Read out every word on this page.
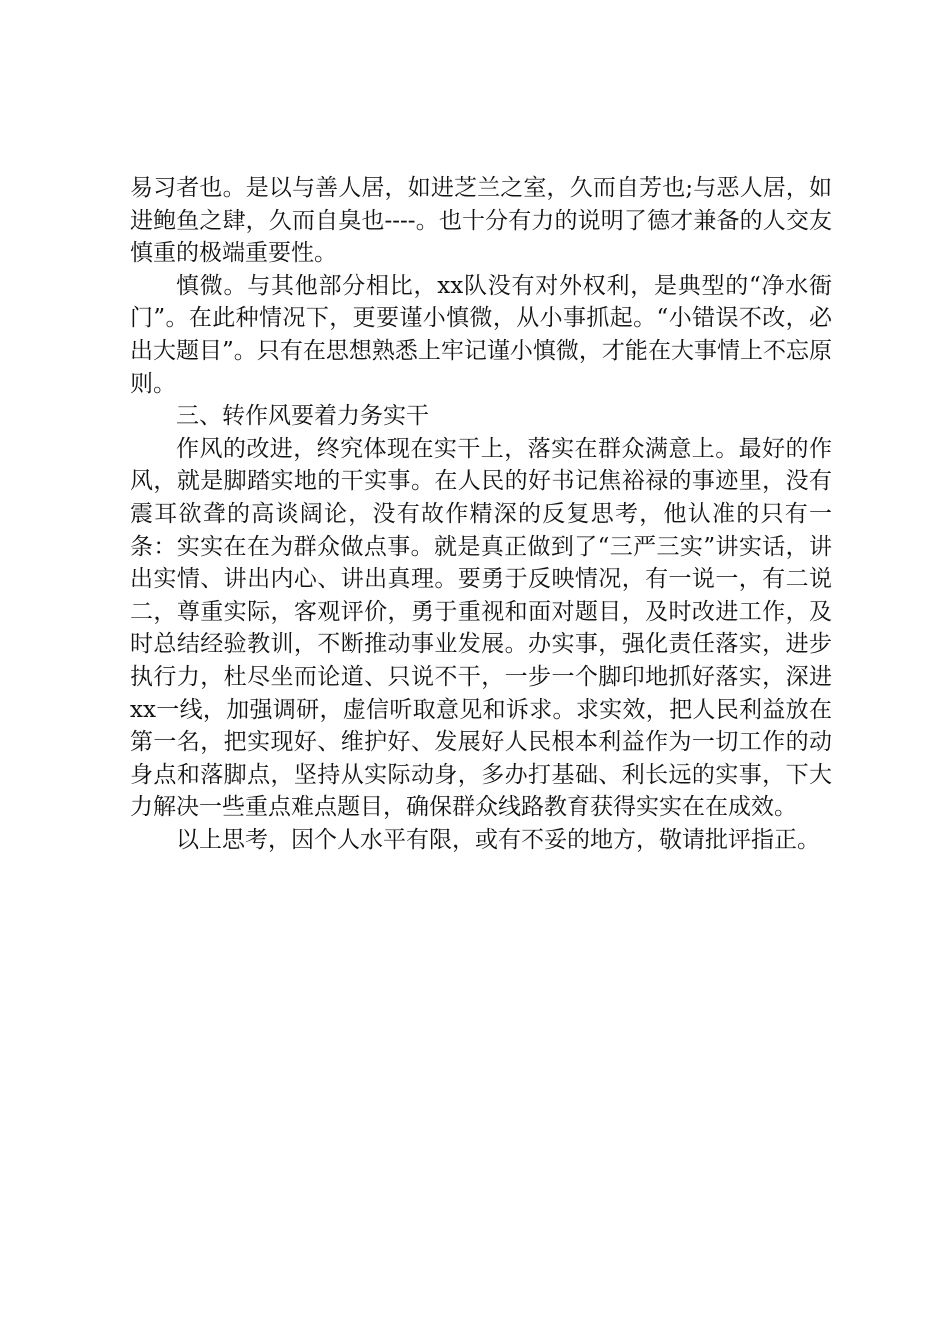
易习者也。是以与善人居，如进芝兰之室，久而自芳也;与恶人居，如进鲍鱼之肆，久而自臭也----。也十分有力的说明了德才兼备的人交友慎重的极端重要性。

慎微。与其他部分相比，xx队没有对外权利，是典型的“净水衙门”。在此种情况下，更要谨小慎微，从小事抓起。“小错误不改，必出大题目”。只有在思想熟悉上牢记谨小慎微，才能在大事情上不忘原则。

三、转作风要着力务实干

作风的改进，终究体现在实干上，落实在群众满意上。最好的作风，就是脚踏实地的干实事。在人民的好书记焦裕禄的事迹里，没有震耳欲聋的高谈阔论，没有故作精深的反复思考，他认准的只有一条：实实在在为群众做点事。就是真正做到了“三严三实”讲实话，讲出实情、讲出内心、讲出真理。要勇于反映情况，有一说一，有二说二，尊重实际，客观评价，勇于重视和面对题目，及时改进工作，及时总结经验教训，不断推动事业发展。办实事，强化责任落实，进步执行力，杜尽坐而论道、只说不干，一步一个脚印地抓好落实，深进xx一线，加强调研，虚信听取意见和诉求。求实效，把人民利益放在第一名，把实现好、维护好、发展好人民根本利益作为一切工作的动身点和落脚点，坚持从实际动身，多办打基础、利长远的实事，下大力解决一些重点难点题目，确保群众线路教育获得实实在在成效。

以上思考，因个人水平有限，或有不妥的地方，敬请批评指正。
